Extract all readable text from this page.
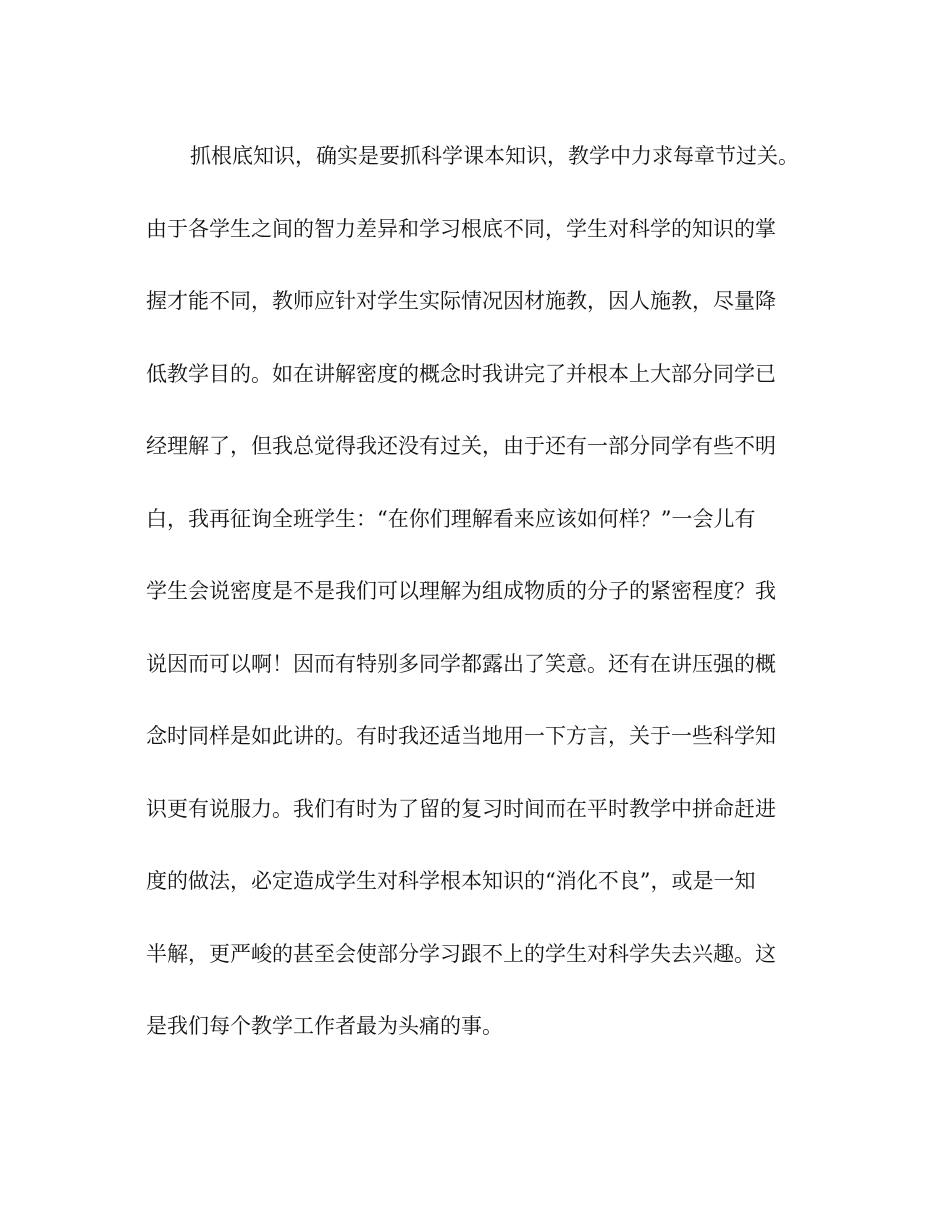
抓根底知识，确实是要抓科学课本知识，教学中力求每章节过关。
由于各学生之间的智力差异和学习根底不同，学生对科学的知识的掌
握才能不同，教师应针对学生实际情况因材施教，因人施教，尽量降
低教学目的。如在讲解密度的概念时我讲完了并根本上大部分同学已
经理解了，但我总觉得我还没有过关，由于还有一部分同学有些不明
白，我再征询全班学生：“在你们理解看来应该如何样？”一会儿有
学生会说密度是不是我们可以理解为组成物质的分子的紧密程度？我
说因而可以啊！因而有特别多同学都露出了笑意。还有在讲压强的概
念时同样是如此讲的。有时我还适当地用一下方言，关于一些科学知
识更有说服力。我们有时为了留的复习时间而在平时教学中拼命赶进
度的做法，必定造成学生对科学根本知识的“消化不良”，或是一知
半解，更严峻的甚至会使部分学习跟不上的学生对科学失去兴趣。这
是我们每个教学工作者最为头痛的事。
